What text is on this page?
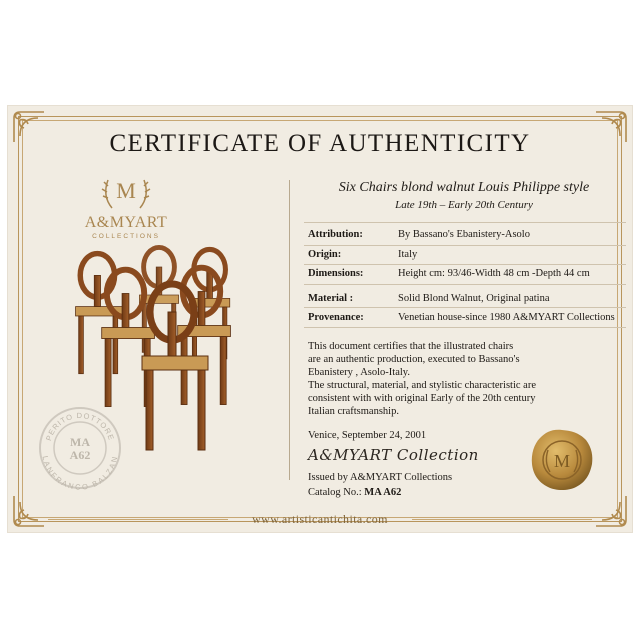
CERTIFICATE OF AUTHENTICITY
M
A&MYART
COLLECTIONS
Six Chairs blond walnut Louis Philippe style
Late 19th – Early 20th Century
Attribution:	By Bassano's Ebanistery-Asolo
Origin:	Italy
Dimensions:	Height cm: 93/46-Width 48 cm -Depth 44 cm
Material :	Solid Blond Walnut, Original patina
Provenance:	Venetian house-since 1980 A&MYART Collections

This document certifies that the illustrated chairs

are an authentic production, executed to Bassano's

Ebanistery , Asolo-Italy.

The structural, material, and stylistic characteristic are

consistent with with original Early of the 20th century

Italian craftsmanship.

Venice, September 24, 2001
A&MYART Collection
Issued by A&MYART Collections
Catalog No.: MA A62
PERITO DOTTORE
LANFRANCO BALZAN
MA
A62	M
www.artisticantichita.com
